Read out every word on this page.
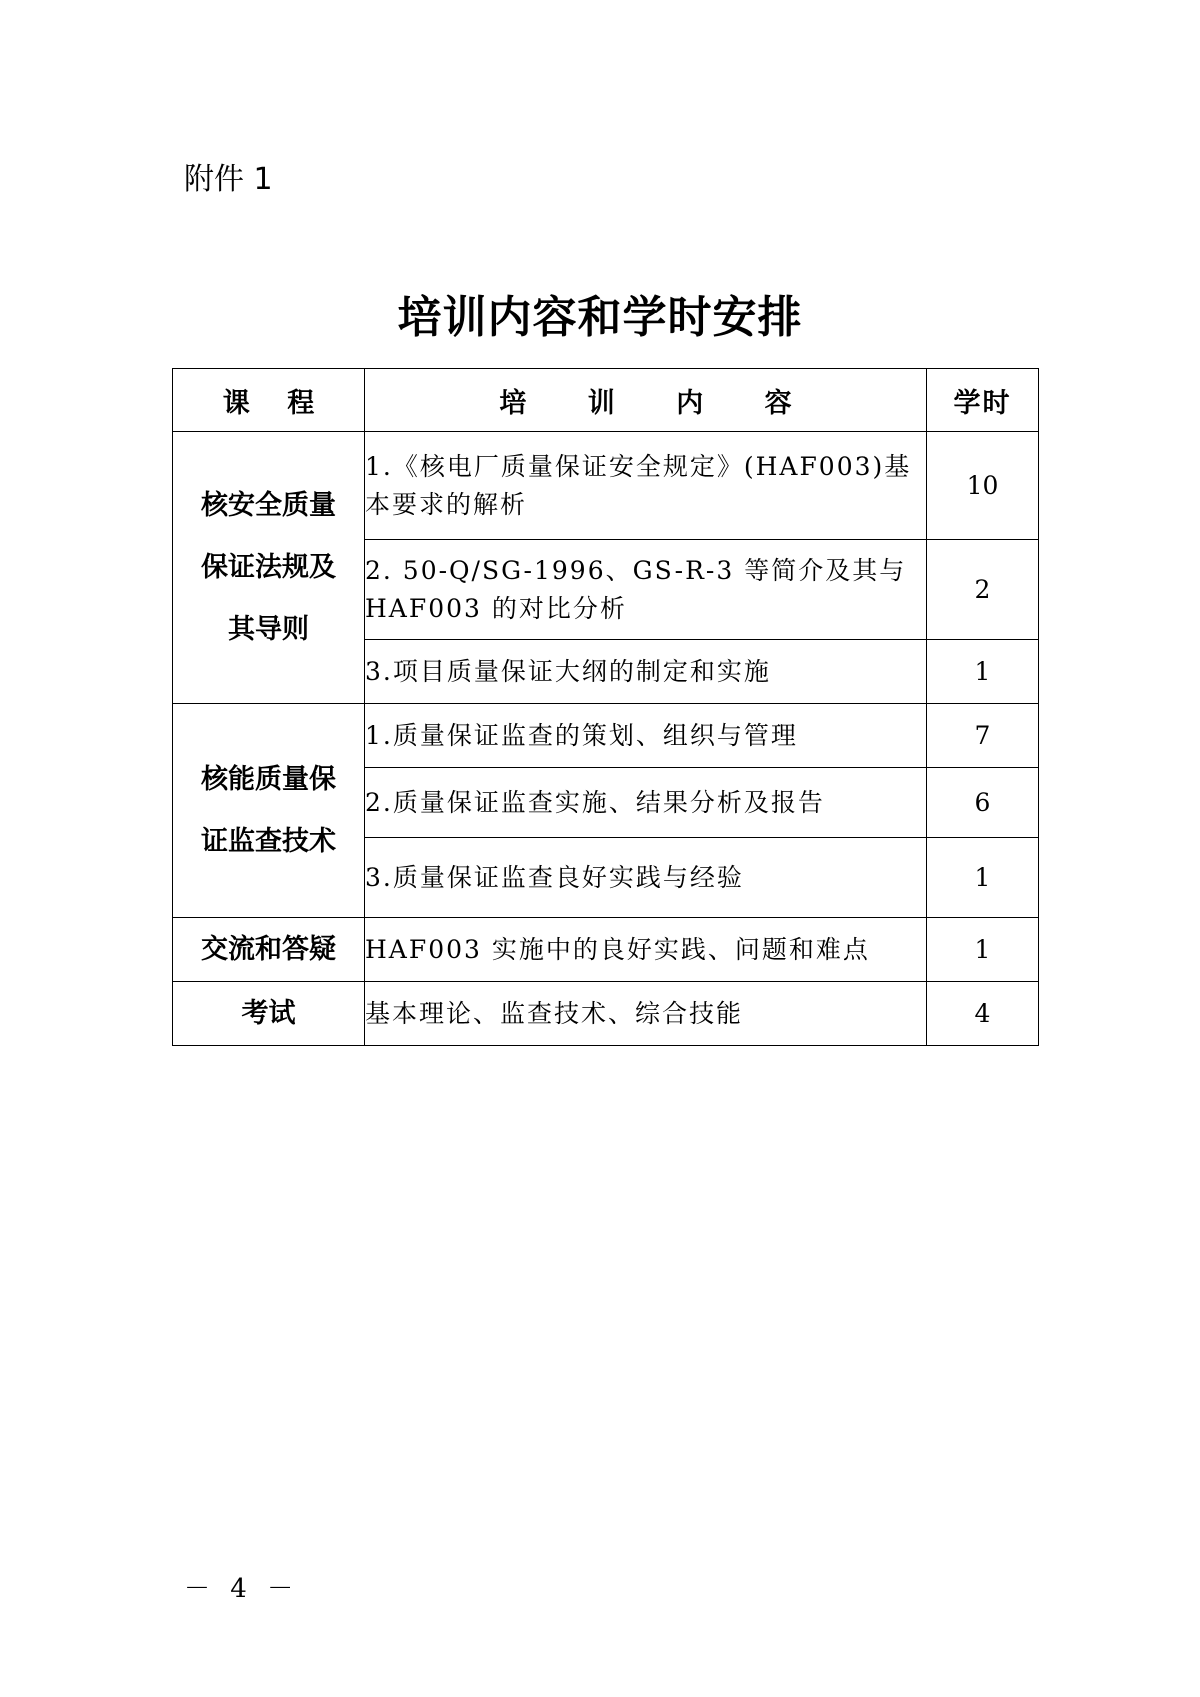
附件 1
培训内容和学时安排
课 程	培 训 内 容	学时

核安全质量
保证法规及
其导则	1.《核电厂质量保证安全规定》(HAF003)基本要求的解析	10
	2. 50-Q/SG-1996、GS-R-3 等简介及其与HAF003 的对比分析	2
	3.项目质量保证大纲的制定和实施	1

核能质量保
证监查技术	1.质量保证监查的策划、组织与管理	7
	2.质量保证监查实施、结果分析及报告	6
	3.质量保证监查良好实践与经验	1

交流和答疑	HAF003 实施中的良好实践、问题和难点	1

考试	基本理论、监查技术、综合技能	4
－ 4 －
